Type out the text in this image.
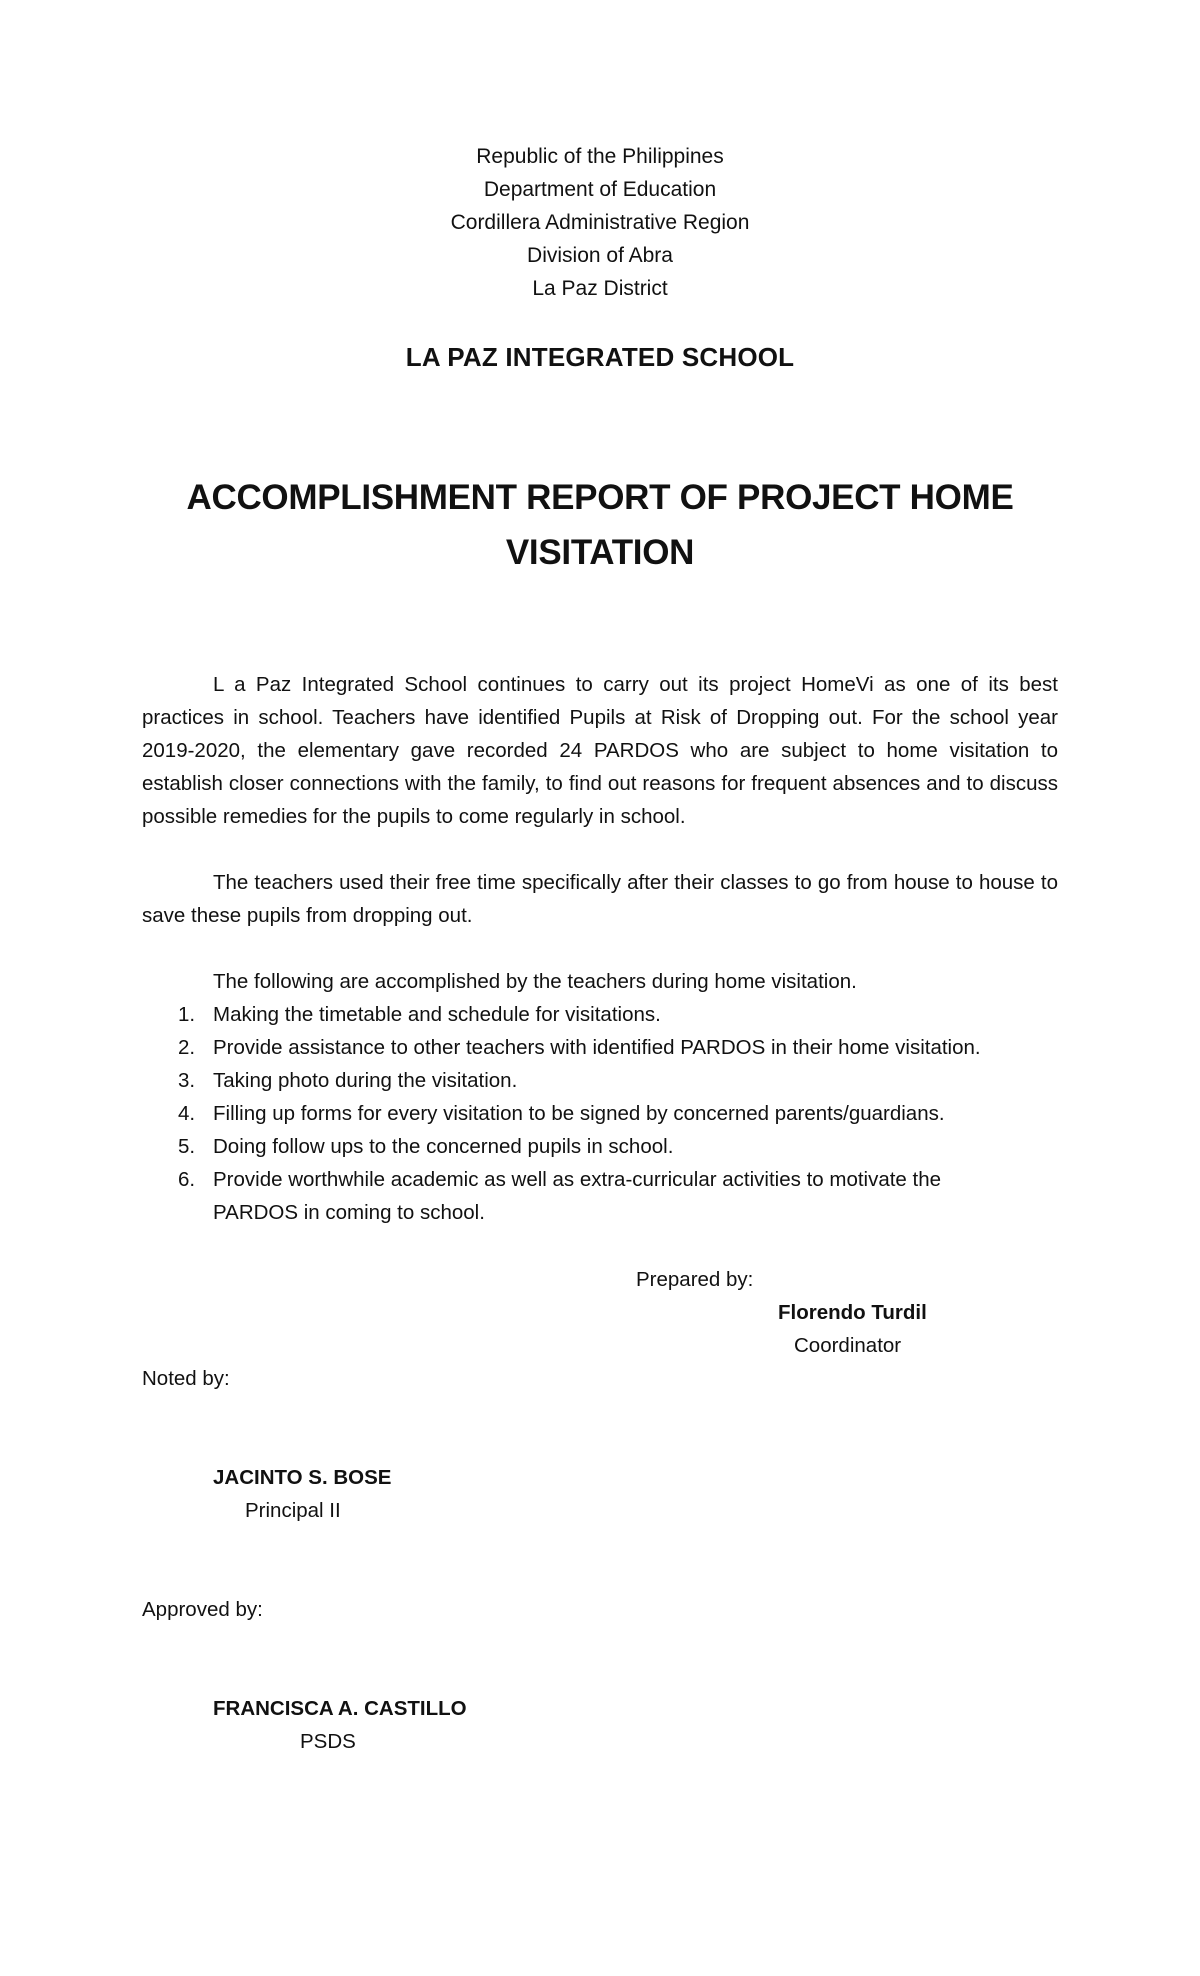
Republic of the Philippines
Department of Education
Cordillera Administrative Region
Division of Abra
La Paz District
LA PAZ INTEGRATED SCHOOL
ACCOMPLISHMENT REPORT OF PROJECT HOME
VISITATION

L a Paz Integrated School continues to carry out its project HomeVi as one of its best practices in school. Teachers have identified Pupils at Risk of Dropping out. For the school year 2019-2020, the elementary gave recorded 24 PARDOS who are subject to home visitation to establish closer connections with the family, to find out reasons for frequent absences and to discuss possible remedies for the pupils to come regularly in school.

The teachers used their free time specifically after their classes to go from house to house to save these pupils from dropping out.

The following are accomplished by the teachers during home visitation.
1. Making the timetable and schedule for visitations.
2. Provide assistance to other teachers with identified PARDOS in their home visitation.
3. Taking photo during the visitation.
4. Filling up forms for every visitation to be signed by concerned parents/guardians.
5. Doing follow ups to the concerned pupils in school.
6. Provide worthwhile academic as well as extra-curricular activities to motivate the PARDOS in coming to school.
Prepared by:
Florendo Turdil
Coordinator
Noted by:
JACINTO S. BOSE
Principal II
Approved by:
FRANCISCA A. CASTILLO
PSDS
